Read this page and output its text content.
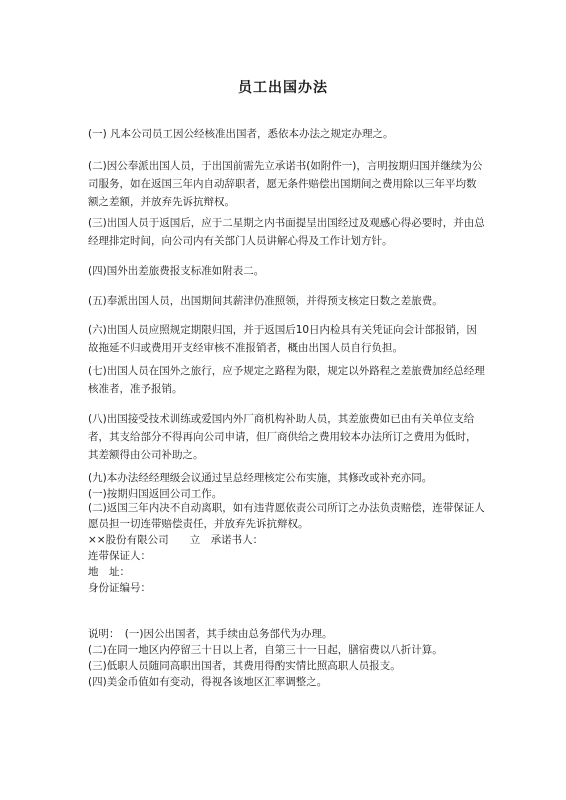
员工出国办法

(一) 凡本公司员工因公经核准出国者，悉依本办法之规定办理之。

(二)因公奉派出国人员，于出国前需先立承诺书(如附件一)，言明按期归国并继续为公司服务，如在返国三年内自动辞职者，愿无条件赔偿出国期间之费用除以三年平均数额之差额，并放弃先诉抗辩权。

(三)出国人员于返国后，应于二星期之内书面提呈出国经过及观感心得必要时，并由总经理排定时间，向公司内有关部门人员讲解心得及工作计划方针。

(四)国外出差旅费报支标准如附表二。

(五)奉派出国人员，出国期间其薪津仍准照领，并得预支核定日数之差旅费。

(六)出国人员应照规定期限归国，并于返国后10日内检具有关凭证向会计部报销，因故拖延不归或费用开支经审核不准报销者，概由出国人员自行负担。

(七)出国人员在国外之旅行，应予规定之路程为限，规定以外路程之差旅费加经总经理核准者，准予报销。

(八)出国接受技术训练或爱国内外厂商机构补助人员，其差旅费如已由有关单位支给者，其支给部分不得再向公司申请，但厂商供给之费用较本办法所订之费用为低时，其差额得由公司补助之。

(九)本办法经经理级会议通过呈总经理核定公布实施，其修改或补充亦同。
(一)按期归国返回公司工作。

(二)返国三年内决不自动离职，如有违背愿依责公司所订之办法负责赔偿，连带保证人愿员担一切连带赔偿责任，并放弃先诉抗辩权。

××股份有限公司　　立　承诺书人：
连带保证人：
地　址：
身份证编号：
说明：　(一)因公出国者，其手续由总务部代为办理。
(二)在同一地区内停留三十日以上者，自第三十一日起，膳宿费以八折计算。
(三)低职人员随同高职出国者，其费用得酌实情比照高职人员报支。
(四)美金币值如有变动，得视各该地区汇率调整之。
